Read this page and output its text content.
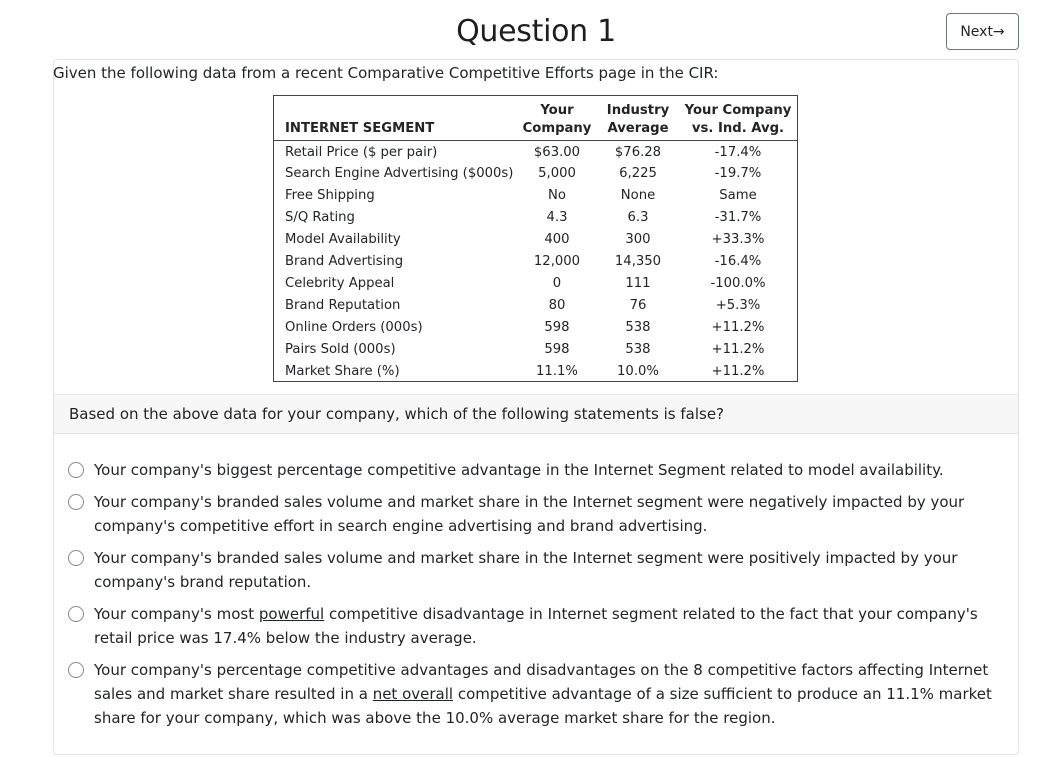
Question 1	Next→
Given the following data from a recent Comparative Competitive Efforts page in the CIR:
	Your	Industry	Your Company
INTERNET SEGMENT	Company	Average	vs. Ind. Avg.
Retail Price ($ per pair)	$63.00	$76.28	-17.4%
Search Engine Advertising ($000s)	5,000	6,225	-19.7%
Free Shipping	No	None	Same
S/Q Rating	4.3	6.3	-31.7%
Model Availability	400	300	+33.3%
Brand Advertising	12,000	14,350	-16.4%
Celebrity Appeal	0	111	-100.0%
Brand Reputation	80	76	+5.3%
Online Orders (000s)	598	538	+11.2%
Pairs Sold (000s)	598	538	+11.2%
Market Share (%)	11.1%	10.0%	+11.2%
Based on the above data for your company, which of the following statements is false?
Your company's biggest percentage competitive advantage in the Internet Segment related to model availability.
Your company's branded sales volume and market share in the Internet segment were negatively impacted by your company's competitive effort in search engine advertising and brand advertising.
Your company's branded sales volume and market share in the Internet segment were positively impacted by your company's brand reputation.
Your company's most powerful competitive disadvantage in Internet segment related to the fact that your company's retail price was 17.4% below the industry average.
Your company's percentage competitive advantages and disadvantages on the 8 competitive factors affecting Internet sales and market share resulted in a net overall competitive advantage of a size sufficient to produce an 11.1% market share for your company, which was above the 10.0% average market share for the region.
